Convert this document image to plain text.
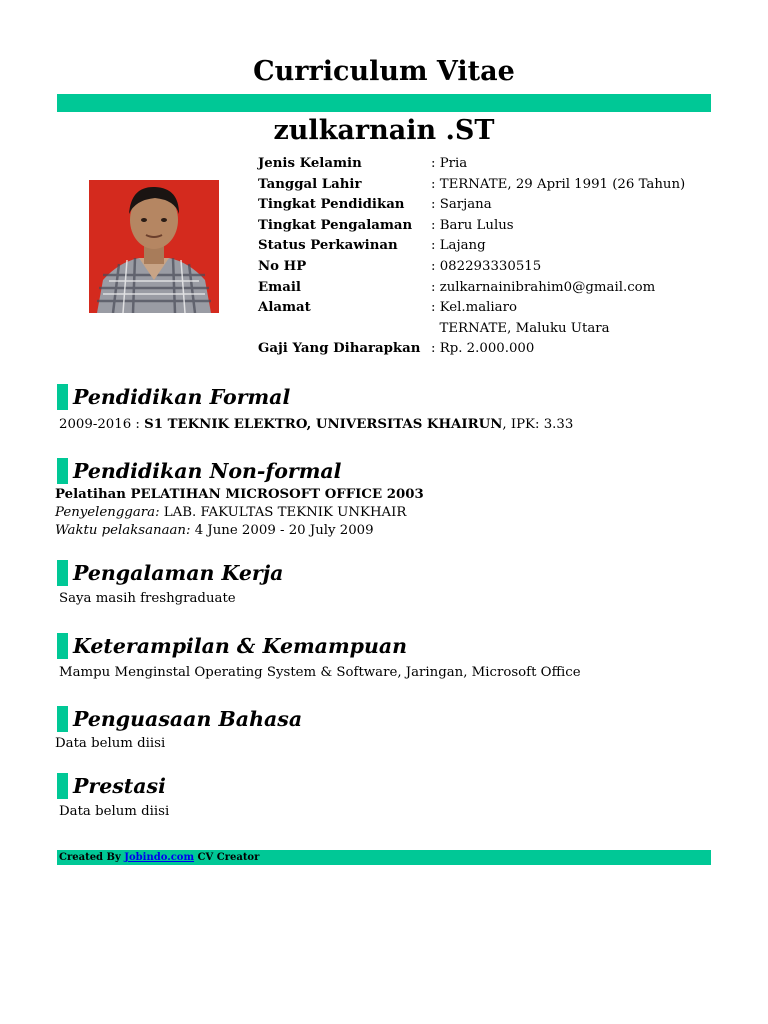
Curriculum Vitae
zulkarnain .ST
Jenis Kelamin	: Pria
Tanggal Lahir	: TERNATE, 29 April 1991 (26 Tahun)
Tingkat Pendidikan : Sarjana
Tingkat Pengalaman : Baru Lulus
Status Perkawinan	: Lajang
No HP	: 082293330515
Email	: zulkarnainibrahim0@gmail.com
Alamat	: Kel.maliaro
TERNATE, Maluku Utara
Gaji Yang Diharapkan : Rp. 2.000.000
Pendidikan Formal
2009-2016 : S1 TEKNIK ELEKTRO, UNIVERSITAS KHAIRUN, IPK: 3.33
Pendidikan Non-formal
Pelatihan PELATIHAN MICROSOFT OFFICE 2003
Penyelenggara: LAB. FAKULTAS TEKNIK UNKHAIR
Waktu pelaksanaan: 4 June 2009 - 20 July 2009
Pengalaman Kerja
Saya masih freshgraduate
Keterampilan & Kemampuan
Mampu Menginstal Operating System & Software, Jaringan, Microsoft Office
Penguasaan Bahasa
Data belum diisi
Prestasi
Data belum diisi
Created By Jobindo.com CV Creator
